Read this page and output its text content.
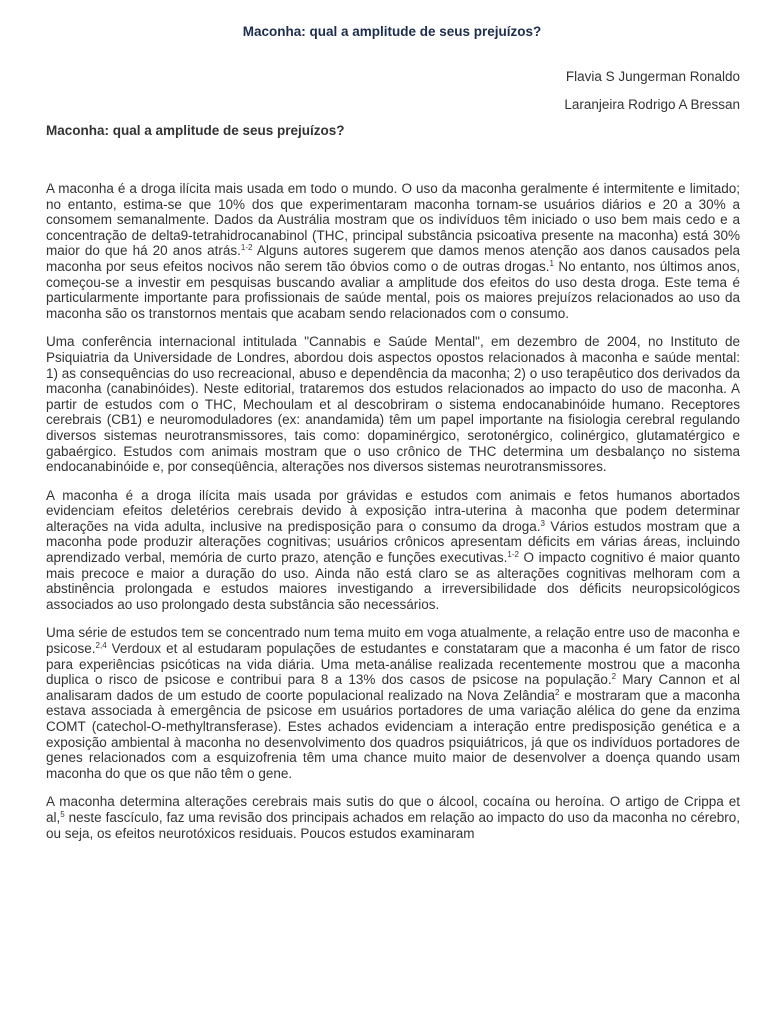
Maconha: qual a amplitude de seus prejuízos?
Flavia S Jungerman Ronaldo
Laranjeira Rodrigo A Bressan
Maconha: qual a amplitude de seus prejuízos?

A maconha é a droga ilícita mais usada em todo o mundo. O uso da maconha geralmente é intermitente e limitado; no entanto, estima-se que 10% dos que experimentaram maconha tornam-se usuários diários e 20 a 30% a consomem semanalmente. Dados da Austrália mostram que os indivíduos têm iniciado o uso bem mais cedo e a concentração de delta9-tetrahidrocanabinol (THC, principal substância psicoativa presente na maconha) está 30% maior do que há 20 anos atrás.$^{1-2}$ Alguns autores sugerem que damos menos atenção aos danos causados pela maconha por seus efeitos nocivos não serem tão óbvios como o de outras drogas.$^1$ No entanto, nos últimos anos, começou-se a investir em pesquisas buscando avaliar a amplitude dos efeitos do uso desta droga. Este tema é particularmente importante para profissionais de saúde mental, pois os maiores prejuízos relacionados ao uso da maconha são os transtornos mentais que acabam sendo relacionados com o consumo.

Uma conferência internacional intitulada "Cannabis e Saúde Mental", em dezembro de 2004, no Instituto de Psiquiatria da Universidade de Londres, abordou dois aspectos opostos relacionados à maconha e saúde mental: 1) as consequências do uso recreacional, abuso e dependência da maconha; 2) o uso terapêutico dos derivados da maconha (canabinóides). Neste editorial, trataremos dos estudos relacionados ao impacto do uso de maconha. A partir de estudos com o THC, Mechoulam et al descobriram o sistema endocanabinóide humano. Receptores cerebrais (CB1) e neuromoduladores (ex: anandamida) têm um papel importante na fisiologia cerebral regulando diversos sistemas neurotransmissores, tais como: dopaminérgico, serotonérgico, colinérgico, glutamatérgico e gabaérgico. Estudos com animais mostram que o uso crônico de THC determina um desbalanço no sistema endocanabinóide e, por conseqüência, alterações nos diversos sistemas neurotransmissores.

A maconha é a droga ilícita mais usada por grávidas e estudos com animais e fetos humanos abortados evidenciam efeitos deletérios cerebrais devido à exposição intra-uterina à maconha que podem determinar alterações na vida adulta, inclusive na predisposição para o consumo da droga.$^3$ Vários estudos mostram que a maconha pode produzir alterações cognitivas; usuários crônicos apresentam déficits em várias áreas, incluindo aprendizado verbal, memória de curto prazo, atenção e funções executivas.$^{1-2}$ O impacto cognitivo é maior quanto mais precoce e maior a duração do uso. Ainda não está claro se as alterações cognitivas melhoram com a abstinência prolongada e estudos maiores investigando a irreversibilidade dos déficits neuropsicológicos associados ao uso prolongado desta substância são necessários.

Uma série de estudos tem se concentrado num tema muito em voga atualmente, a relação entre uso de maconha e psicose.$^{2,4}$ Verdoux et al estudaram populações de estudantes e constataram que a maconha é um fator de risco para experiências psicóticas na vida diária. Uma meta-análise realizada recentemente mostrou que a maconha duplica o risco de psicose e contribui para 8 a 13% dos casos de psicose na população.$^2$ Mary Cannon et al analisaram dados de um estudo de coorte populacional realizado na Nova Zelândia$^2$ e mostraram que a maconha estava associada à emergência de psicose em usuários portadores de uma variação alélica do gene da enzima COMT (catechol-O-methyltransferase). Estes achados evidenciam a interação entre predisposição genética e a exposição ambiental à maconha no desenvolvimento dos quadros psiquiátricos, já que os indivíduos portadores de genes relacionados com a esquizofrenia têm uma chance muito maior de desenvolver a doença quando usam maconha do que os que não têm o gene.

A maconha determina alterações cerebrais mais sutis do que o álcool, cocaína ou heroína. O artigo de Crippa et al,$^5$ neste fascículo, faz uma revisão dos principais achados em relação ao impacto do uso da maconha no cérebro, ou seja, os efeitos neurotóxicos residuais. Poucos estudos examinaram
